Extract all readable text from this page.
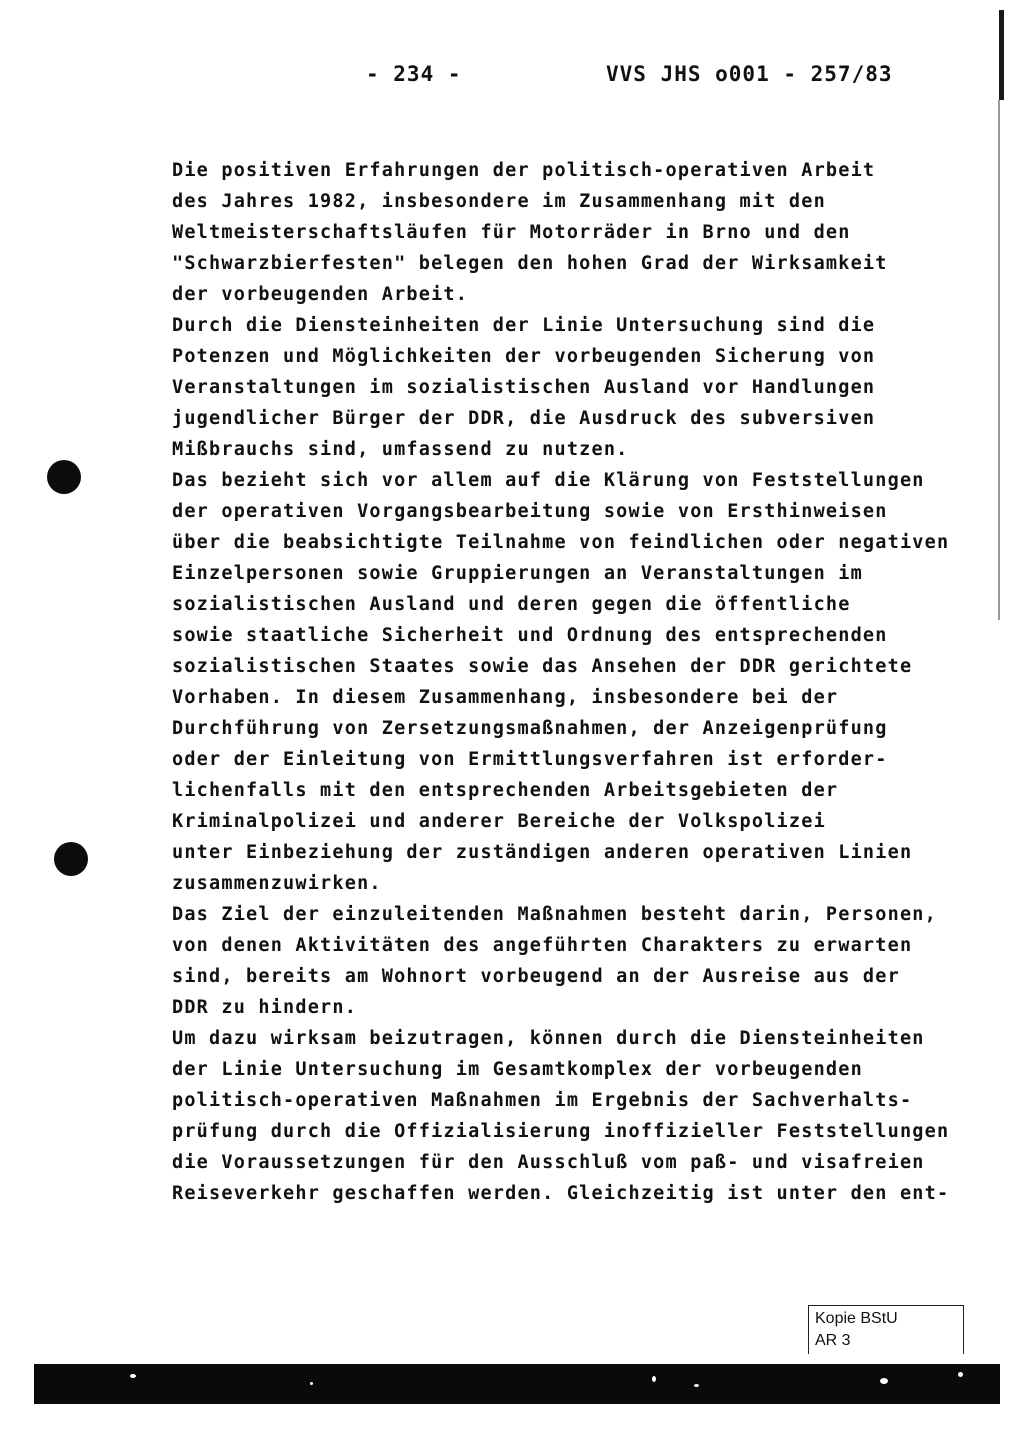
- 234 -	VVS JHS o001 - 257/83
Die positiven Erfahrungen der politisch-operativen Arbeit
des Jahres 1982, insbesondere im Zusammenhang mit den
Weltmeisterschaftsläufen für Motorräder in Brno und den
"Schwarzbierfesten" belegen den hohen Grad der Wirksamkeit
der vorbeugenden Arbeit.
Durch die Diensteinheiten der Linie Untersuchung sind die
Potenzen und Möglichkeiten der vorbeugenden Sicherung von
Veranstaltungen im sozialistischen Ausland vor Handlungen
jugendlicher Bürger der DDR, die Ausdruck des subversiven
Mißbrauchs sind, umfassend zu nutzen.
Das bezieht sich vor allem auf die Klärung von Feststellungen
der operativen Vorgangsbearbeitung sowie von Ersthinweisen
über die beabsichtigte Teilnahme von feindlichen oder negativen
Einzelpersonen sowie Gruppierungen an Veranstaltungen im
sozialistischen Ausland und deren gegen die öffentliche
sowie staatliche Sicherheit und Ordnung des entsprechenden
sozialistischen Staates sowie das Ansehen der DDR gerichtete
Vorhaben. In diesem Zusammenhang, insbesondere bei der
Durchführung von Zersetzungsmaßnahmen, der Anzeigenprüfung
oder der Einleitung von Ermittlungsverfahren ist erforder-
lichenfalls mit den entsprechenden Arbeitsgebieten der
Kriminalpolizei und anderer Bereiche der Volkspolizei
unter Einbeziehung der zuständigen anderen operativen Linien
zusammenzuwirken.
Das Ziel der einzuleitenden Maßnahmen besteht darin, Personen,
von denen Aktivitäten des angeführten Charakters zu erwarten
sind, bereits am Wohnort vorbeugend an der Ausreise aus der
DDR zu hindern.
Um dazu wirksam beizutragen, können durch die Diensteinheiten
der Linie Untersuchung im Gesamtkomplex der vorbeugenden
politisch-operativen Maßnahmen im Ergebnis der Sachverhalts-
prüfung durch die Offizialisierung inoffizieller Feststellungen
die Voraussetzungen für den Ausschluß vom paß- und visafreien
Reiseverkehr geschaffen werden. Gleichzeitig ist unter den ent-
Kopie BStU
AR 3
